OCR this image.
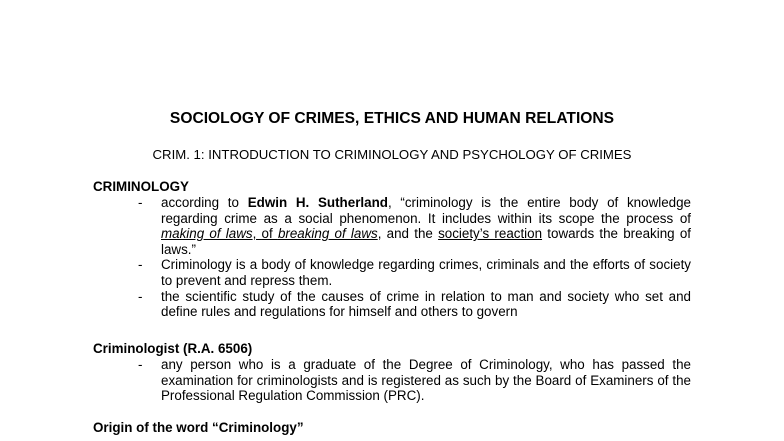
SOCIOLOGY OF CRIMES, ETHICS AND HUMAN RELATIONS
CRIM. 1: INTRODUCTION TO CRIMINOLOGY AND PSYCHOLOGY OF CRIMES
CRIMINOLOGY
- according to Edwin H. Sutherland, “criminology is the entire body of knowledge regarding crime as a social phenomenon. It includes within its scope the process of making of laws, of breaking of laws, and the society’s reaction towards the breaking of laws.”
- Criminology is a body of knowledge regarding crimes, criminals and the efforts of society to prevent and repress them.
- the scientific study of the causes of crime in relation to man and society who set and define rules and regulations for himself and others to govern
Criminologist (R.A. 6506)
- any person who is a graduate of the Degree of Criminology, who has passed the examination for criminologists and is registered as such by the Board of Examiners of the Professional Regulation Commission (PRC).
Origin of the word “Criminology”
